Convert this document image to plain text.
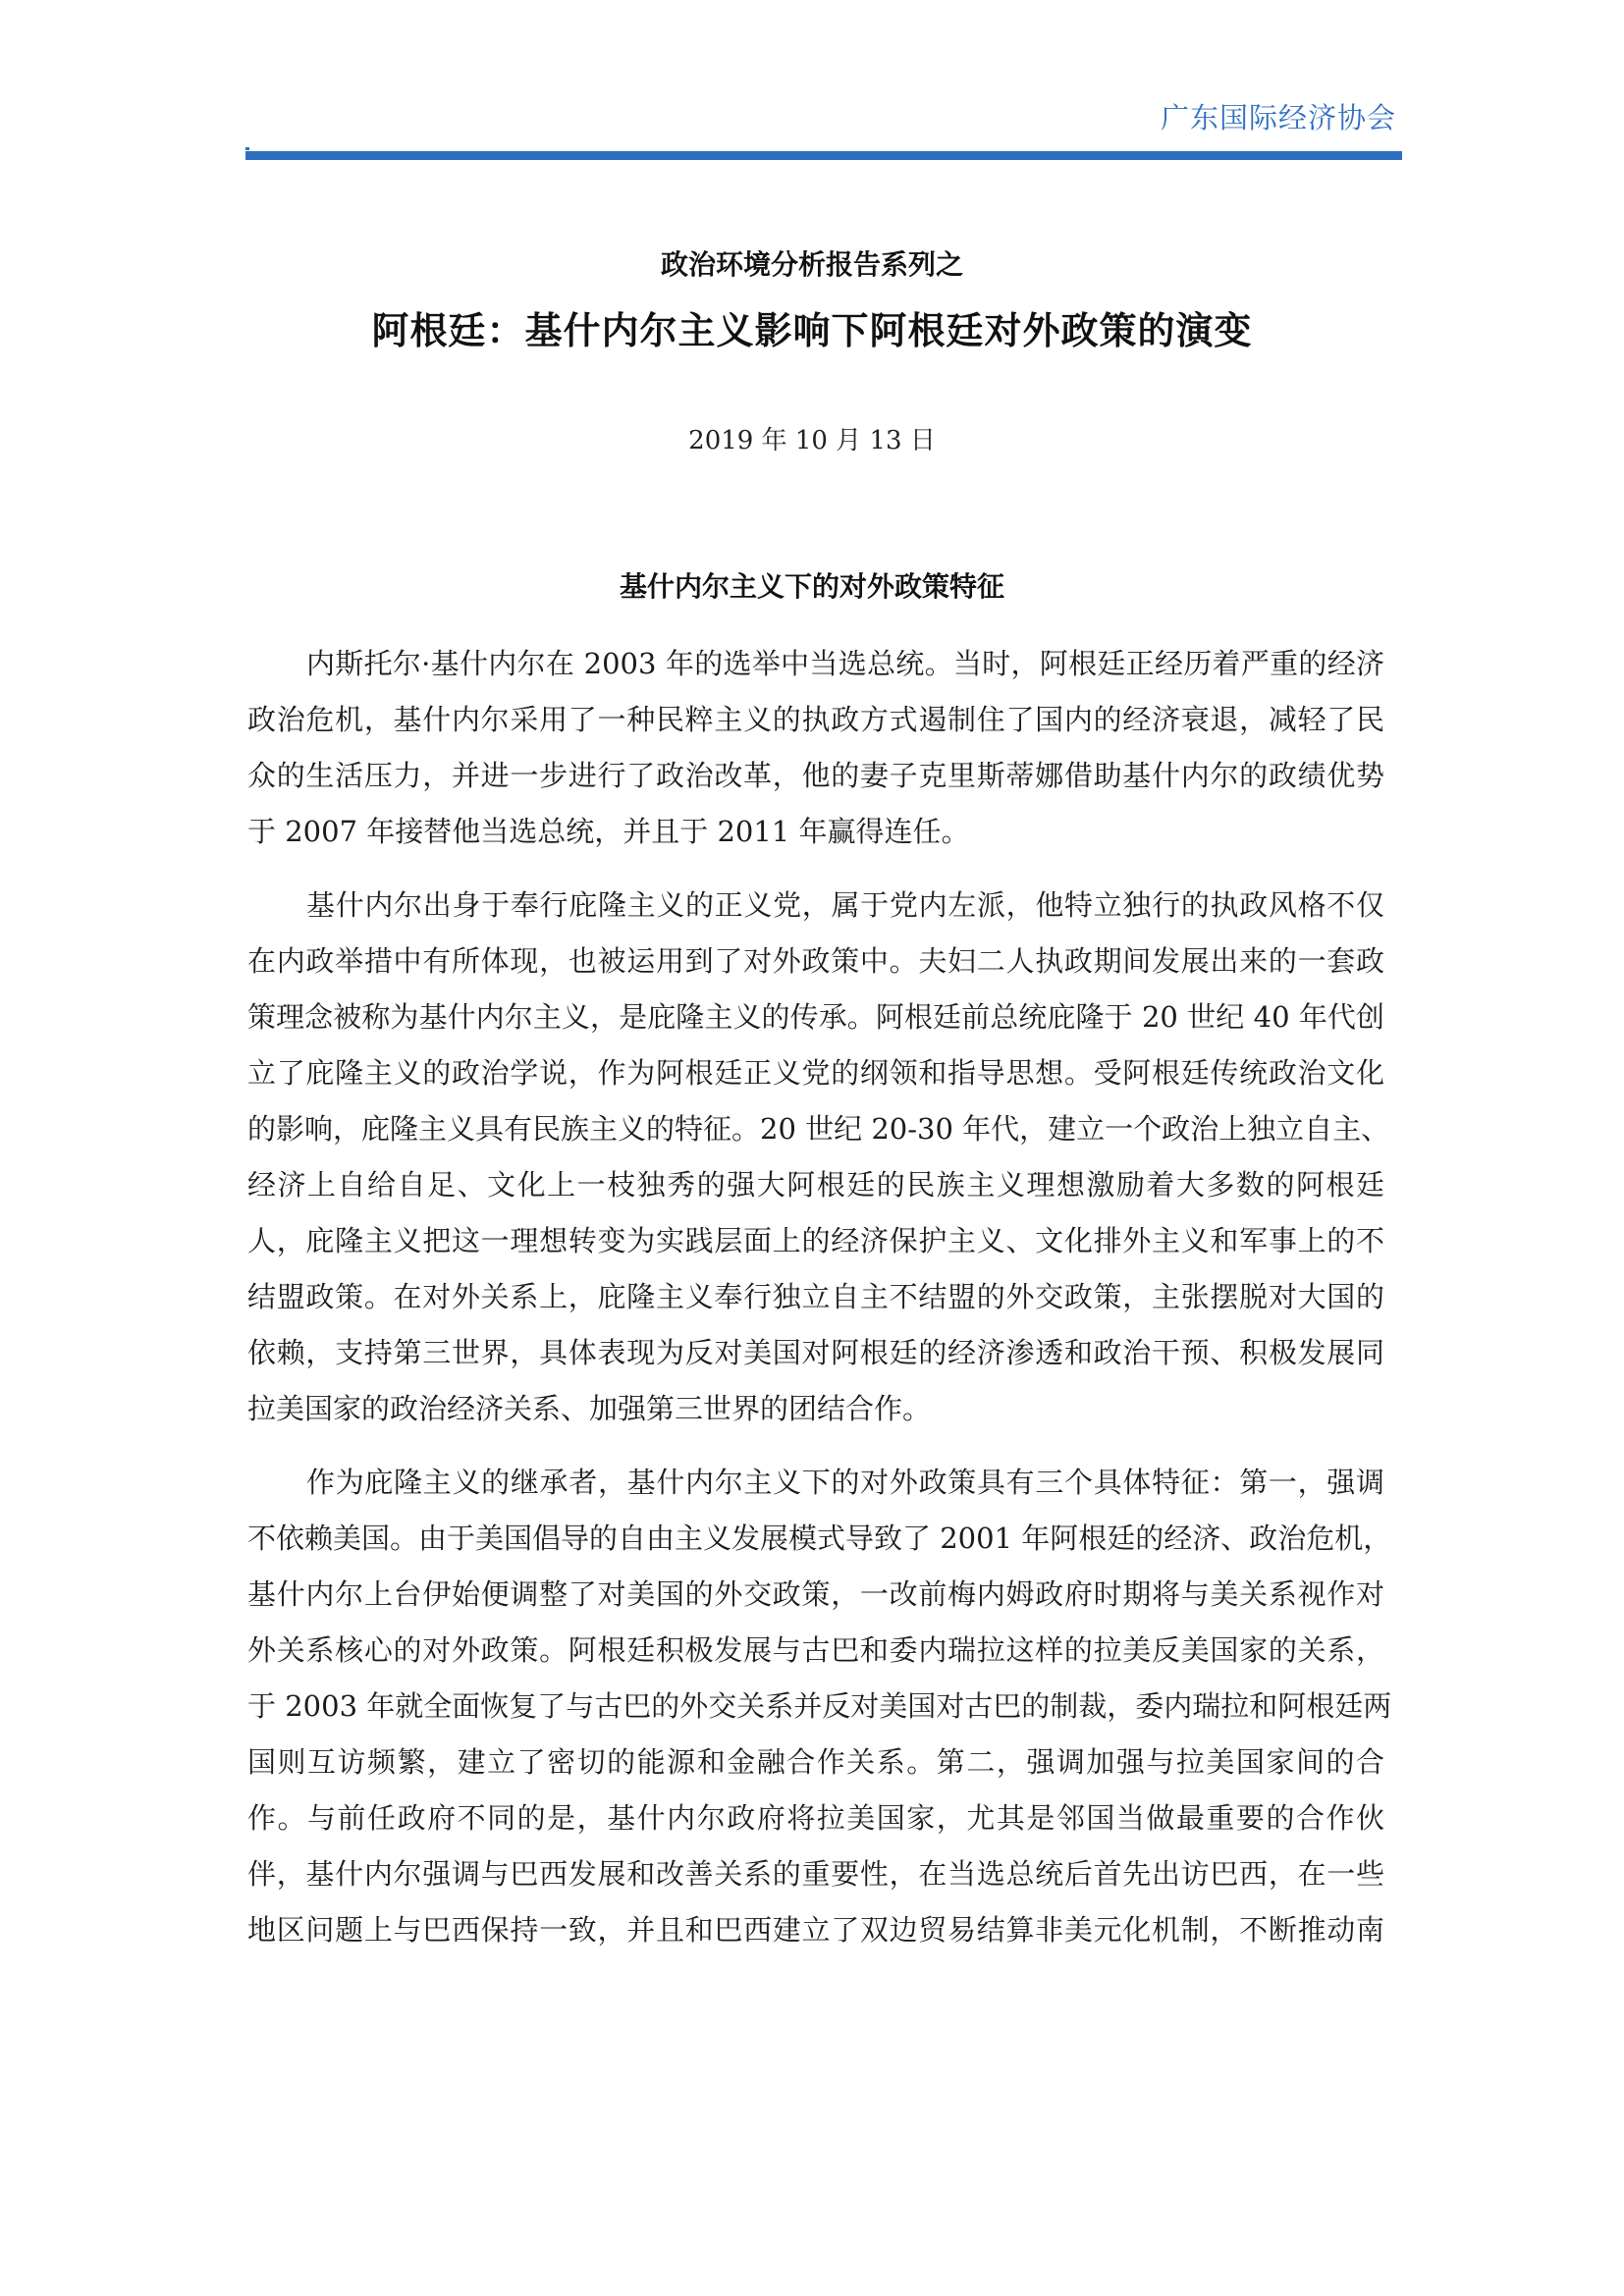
广东国际经济协会
政治环境分析报告系列之
阿根廷：基什内尔主义影响下阿根廷对外政策的演变
2019 年 10 月 13 日
基什内尔主义下的对外政策特征
内斯托尔·基什内尔在 2003 年的选举中当选总统。当时，阿根廷正经历着严重的经济
政治危机，基什内尔采用了一种民粹主义的执政方式遏制住了国内的经济衰退，减轻了民
众的生活压力，并进一步进行了政治改革，他的妻子克里斯蒂娜借助基什内尔的政绩优势
于 2007 年接替他当选总统，并且于 2011 年赢得连任。
基什内尔出身于奉行庇隆主义的正义党，属于党内左派，他特立独行的执政风格不仅
在内政举措中有所体现，也被运用到了对外政策中。夫妇二人执政期间发展出来的一套政
策理念被称为基什内尔主义，是庇隆主义的传承。阿根廷前总统庇隆于 20 世纪 40 年代创
立了庇隆主义的政治学说，作为阿根廷正义党的纲领和指导思想。受阿根廷传统政治文化
的影响，庇隆主义具有民族主义的特征。20 世纪 20-30 年代，建立一个政治上独立自主、
经济上自给自足、文化上一枝独秀的强大阿根廷的民族主义理想激励着大多数的阿根廷
人，庇隆主义把这一理想转变为实践层面上的经济保护主义、文化排外主义和军事上的不
结盟政策。在对外关系上，庇隆主义奉行独立自主不结盟的外交政策，主张摆脱对大国的
依赖，支持第三世界，具体表现为反对美国对阿根廷的经济渗透和政治干预、积极发展同
拉美国家的政治经济关系、加强第三世界的团结合作。
作为庇隆主义的继承者，基什内尔主义下的对外政策具有三个具体特征：第一，强调
不依赖美国。由于美国倡导的自由主义发展模式导致了 2001 年阿根廷的经济、政治危机，
基什内尔上台伊始便调整了对美国的外交政策，一改前梅内姆政府时期将与美关系视作对
外关系核心的对外政策。阿根廷积极发展与古巴和委内瑞拉这样的拉美反美国家的关系，
于 2003 年就全面恢复了与古巴的外交关系并反对美国对古巴的制裁，委内瑞拉和阿根廷两
国则互访频繁，建立了密切的能源和金融合作关系。第二，强调加强与拉美国家间的合
作。与前任政府不同的是，基什内尔政府将拉美国家，尤其是邻国当做最重要的合作伙
伴，基什内尔强调与巴西发展和改善关系的重要性，在当选总统后首先出访巴西，在一些
地区问题上与巴西保持一致，并且和巴西建立了双边贸易结算非美元化机制，不断推动南
